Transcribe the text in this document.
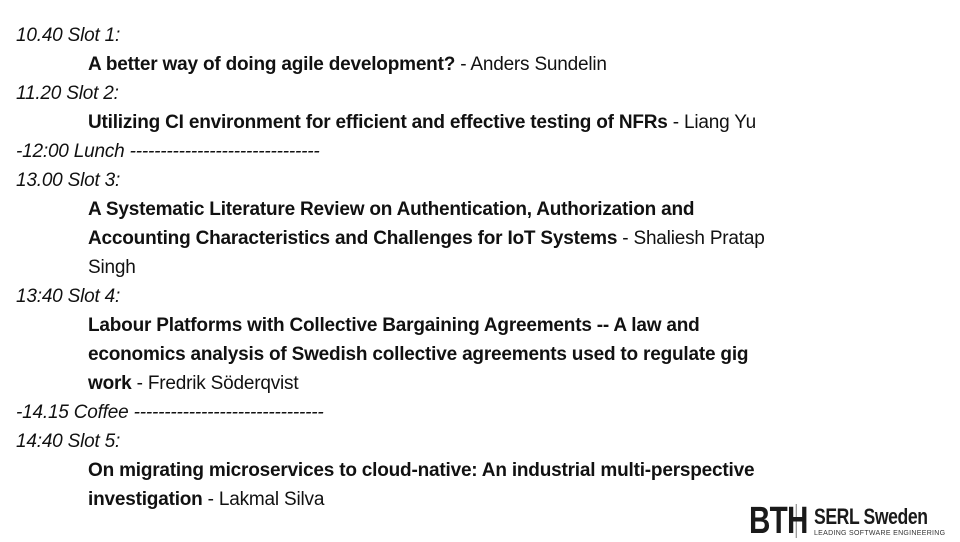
10.40 Slot 1:
A better way of doing agile development? - Anders Sundelin
11.20 Slot 2:
Utilizing CI environment for efficient and effective testing of NFRs - Liang Yu
-12:00 Lunch -------------------------------
13.00 Slot 3:
A Systematic Literature Review on Authentication, Authorization and Accounting Characteristics and Challenges for IoT Systems - Shaliesh Pratap Singh
13:40 Slot 4:
Labour Platforms with Collective Bargaining Agreements -- A law and economics analysis of Swedish collective agreements used to regulate gig work - Fredrik Söderqvist
-14.15 Coffee -------------------------------
14:40 Slot 5:
On migrating microservices to cloud-native: An industrial multi-perspective investigation - Lakmal Silva
BTH SERL Sweden
LEADING SOFTWARE ENGINEERING
